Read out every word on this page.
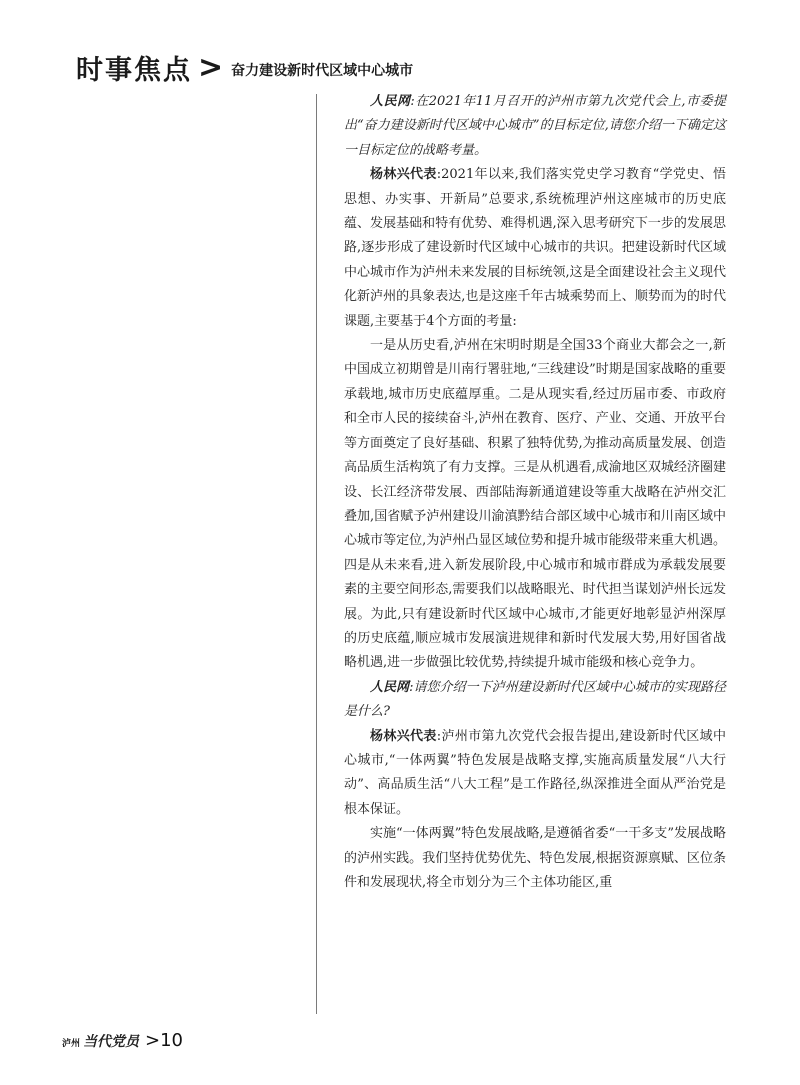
时事焦点 > 奋力建设新时代区域中心城市

人民网:在2021年11月召开的泸州市第九次党代会上,市委提出“奋力建设新时代区域中心城市”的目标定位,请您介绍一下确定这一目标定位的战略考量。

杨林兴代表:2021年以来,我们落实党史学习教育“学党史、悟思想、办实事、开新局”总要求,系统梳理泸州这座城市的历史底蕴、发展基础和特有优势、难得机遇,深入思考研究下一步的发展思路,逐步形成了建设新时代区域中心城市的共识。把建设新时代区域中心城市作为泸州未来发展的目标统领,这是全面建设社会主义现代化新泸州的具象表达,也是这座千年古城乘势而上、顺势而为的时代课题,主要基于4个方面的考量:

一是从历史看,泸州在宋明时期是全国33个商业大都会之一,新中国成立初期曾是川南行署驻地,“三线建设”时期是国家战略的重要承载地,城市历史底蕴厚重。二是从现实看,经过历届市委、市政府和全市人民的接续奋斗,泸州在教育、医疗、产业、交通、开放平台等方面奠定了良好基础、积累了独特优势,为推动高质量发展、创造高品质生活构筑了有力支撑。三是从机遇看,成渝地区双城经济圈建设、长江经济带发展、西部陆海新通道建设等重大战略在泸州交汇叠加,国省赋予泸州建设川渝滇黔结合部区域中心城市和川南区域中心城市等定位,为泸州凸显区域位势和提升城市能级带来重大机遇。四是从未来看,进入新发展阶段,中心城市和城市群成为承载发展要素的主要空间形态,需要我们以战略眼光、时代担当谋划泸州长远发展。为此,只有建设新时代区域中心城市,才能更好地彰显泸州深厚的历史底蕴,顺应城市发展演进规律和新时代发展大势,用好国省战略机遇,进一步做强比较优势,持续提升城市能级和核心竞争力。

人民网:请您介绍一下泸州建设新时代区域中心城市的实现路径是什么?

杨林兴代表:泸州市第九次党代会报告提出,建设新时代区域中心城市,“一体两翼”特色发展是战略支撑,实施高质量发展“八大行动”、高品质生活“八大工程”是工作路径,纵深推进全面从严治党是根本保证。

实施“一体两翼”特色发展战略,是遵循省委“一干多支”发展战略的泸州实践。我们坚持优势优先、特色发展,根据资源禀赋、区位条件和发展现状,将全市划分为三个主体功能区,重

泸州 当代党员 >10
